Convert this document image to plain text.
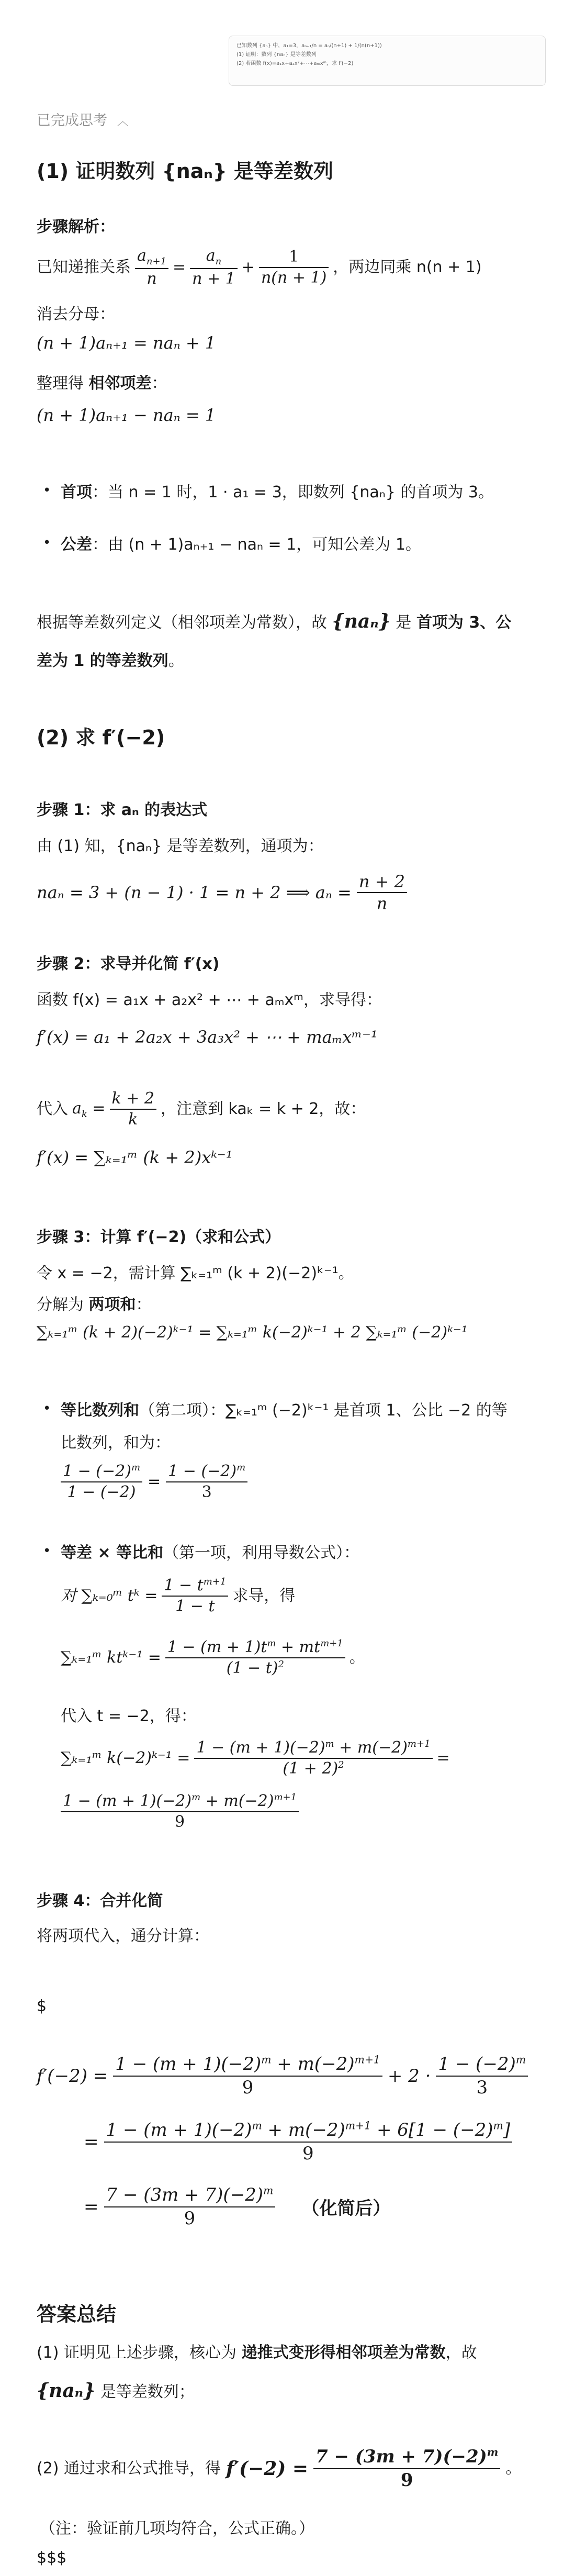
已知数列 {aₙ} 中，a₁=3，aₙ₊₁/n = aₙ/(n+1) + 1/(n(n+1))
(1) 证明：数列 {naₙ} 是等差数列
(2) 若函数 f(x)=a₁x+a₂x²+⋯+aₘxᵐ，求 f′(−2)
已完成思考 ︿
(1) 证明数列 {naₙ} 是等差数列
步骤解析：
已知递推关系 $\frac{a_{n+1}}{n} = \frac{a_n}{n + 1} + \frac{1}{n(n + 1)}$ ，两边同乘 n(n + 1)
消去分母：
(n + 1)aₙ₊₁ = naₙ + 1
整理得 相邻项差：
(n + 1)aₙ₊₁ − naₙ = 1
• 首项：当 n = 1 时，1 · a₁ = 3，即数列 {naₙ} 的首项为 3。
• 公差：由 (n + 1)aₙ₊₁ − naₙ = 1，可知公差为 1。
根据等差数列定义（相邻项差为常数），故 {naₙ} 是 首项为 3、公
差为 1 的等差数列。
(2) 求 f′(−2)
步骤 1：求 aₙ 的表达式
由 (1) 知，{naₙ} 是等差数列，通项为：
naₙ = 3 + (n − 1) · 1 = n + 2 ⟹ $a_n = \frac{n + 2}{n}$
步骤 2：求导并化简 f′(x)
函数 f(x) = a₁x + a₂x² + ⋯ + aₘxᵐ，求导得：
f′(x) = a₁ + 2a₂x + 3a₃x² + ⋯ + maₘxᵐ⁻¹
代入 $a_k = \frac{k + 2}{k}$ ，注意到 kaₖ = k + 2，故：
f′(x) = ∑ₖ₌₁ᵐ (k + 2)xᵏ⁻¹
步骤 3：计算 f′(−2)（求和公式）
令 x = −2，需计算 ∑ₖ₌₁ᵐ (k + 2)(−2)ᵏ⁻¹。
分解为 两项和：
∑ₖ₌₁ᵐ (k + 2)(−2)ᵏ⁻¹ = ∑ₖ₌₁ᵐ k(−2)ᵏ⁻¹ + 2 ∑ₖ₌₁ᵐ (−2)ᵏ⁻¹
• 等比数列和（第二项）：∑ₖ₌₁ᵐ (−2)ᵏ⁻¹ 是首项 1、公比 −2 的等
比数列，和为：
$\frac{1 - (-2)^m}{1 - (-2)} = \frac{1 - (-2)^m}{3}$
• 等差 × 等比和（第一项，利用导数公式）：
对 ∑ₖ₌₀ᵐ tᵏ = $\frac{1 - t^{m+1}}{1 - t}$ 求导，得
∑ₖ₌₁ᵐ ktᵏ⁻¹ = $\frac{1 - (m + 1)t^m + mt^{m+1}}{(1 - t)^2}$ 。
代入 t = −2，得：
∑ₖ₌₁ᵐ k(−2)ᵏ⁻¹ = $\frac{1 - (m + 1)(-2)^m + m(-2)^{m+1}}{(1 + 2)^2}$ =
$\frac{1 - (m + 1)(-2)^m + m(-2)^{m+1}}{9}$
步骤 4：合并化简
将两项代入，通分计算：
$
$f'(-2) = \frac{1 - (m + 1)(-2)^m + m(-2)^{m+1}}{9} + 2 \cdot \frac{1 - (-2)^m}{3}$
= $\frac{1 - (m + 1)(-2)^m + m(-2)^{m+1} + 6[1 - (-2)^m]}{9}$
= $\frac{7 - (3m + 7)(-2)^m}{9}$ （化简后）
答案总结
(1) 证明见上述步骤，核心为 递推式变形得相邻项差为常数，故
{naₙ} 是等差数列；
(2) 通过求和公式推导，得 $f'(-2) = \frac{7 - (3m + 7)(-2)^m}{9}$ 。
（注：验证前几项均符合，公式正确。）
$$$
